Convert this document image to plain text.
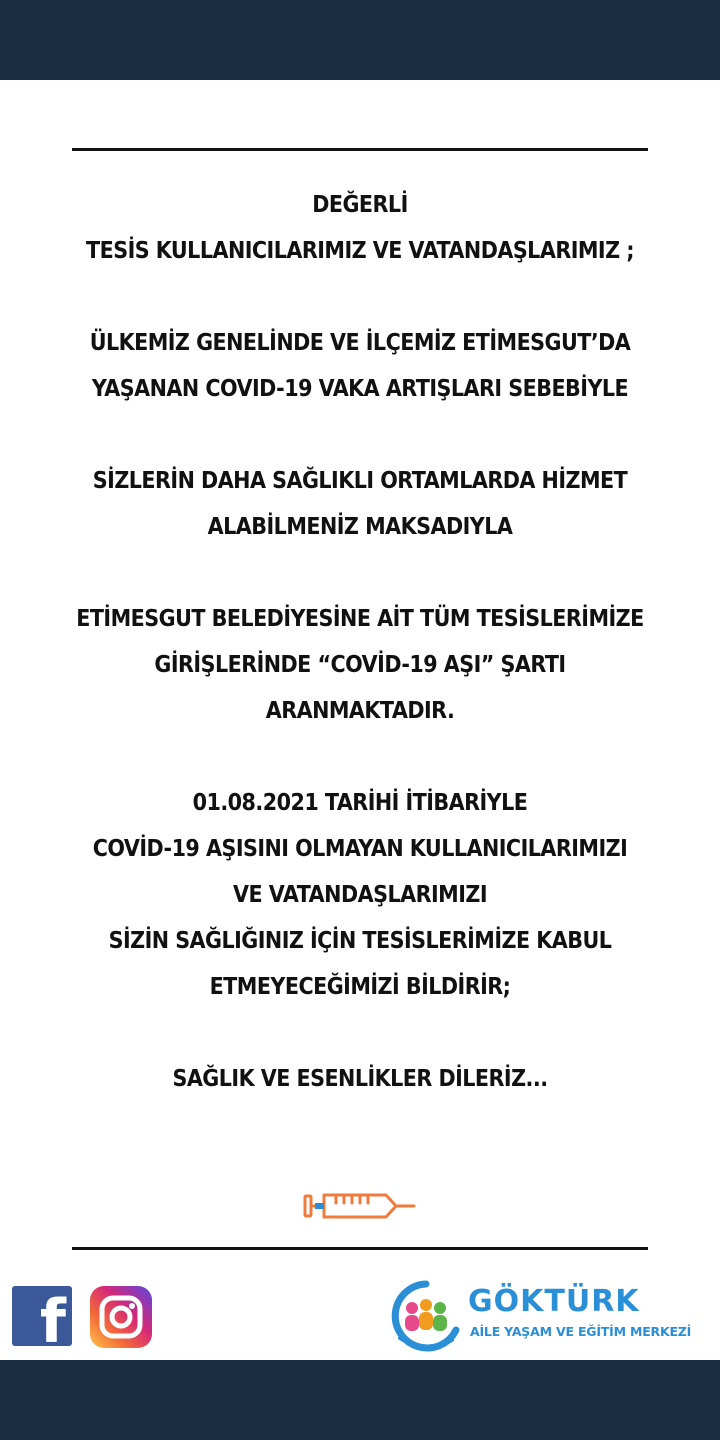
DEĞERLİ
TESİS KULLANICILARIMIZ VE VATANDAŞLARIMIZ ;
ÜLKEMİZ GENELİNDE VE İLÇEMİZ ETİMESGUT’DA
YAŞANAN COVID-19 VAKA ARTIŞLARI SEBEBİYLE
SİZLERİN DAHA SAĞLIKLI ORTAMLARDA HİZMET
ALABİLMENİZ MAKSADIYLA
ETİMESGUT BELEDİYESİNE AİT TÜM TESİSLERİMİZE
GİRİŞLERİNDE “COVİD-19 AŞI” ŞARTI
ARANMAKTADIR.
01.08.2021 TARİHİ İTİBARİYLE
COVİD-19 AŞISINI OLMAYAN KULLANICILARIMIZI
VE VATANDAŞLARIMIZI
SİZİN SAĞLIĞINIZ İÇİN TESİSLERİMİZE KABUL
ETMEYECEĞİMİZİ BİLDİRİR;
SAĞLIK VE ESENLİKLER DİLERİZ...
f	GÖKTÜRK
AİLE YAŞAM VE EĞİTİM MERKEZİ
